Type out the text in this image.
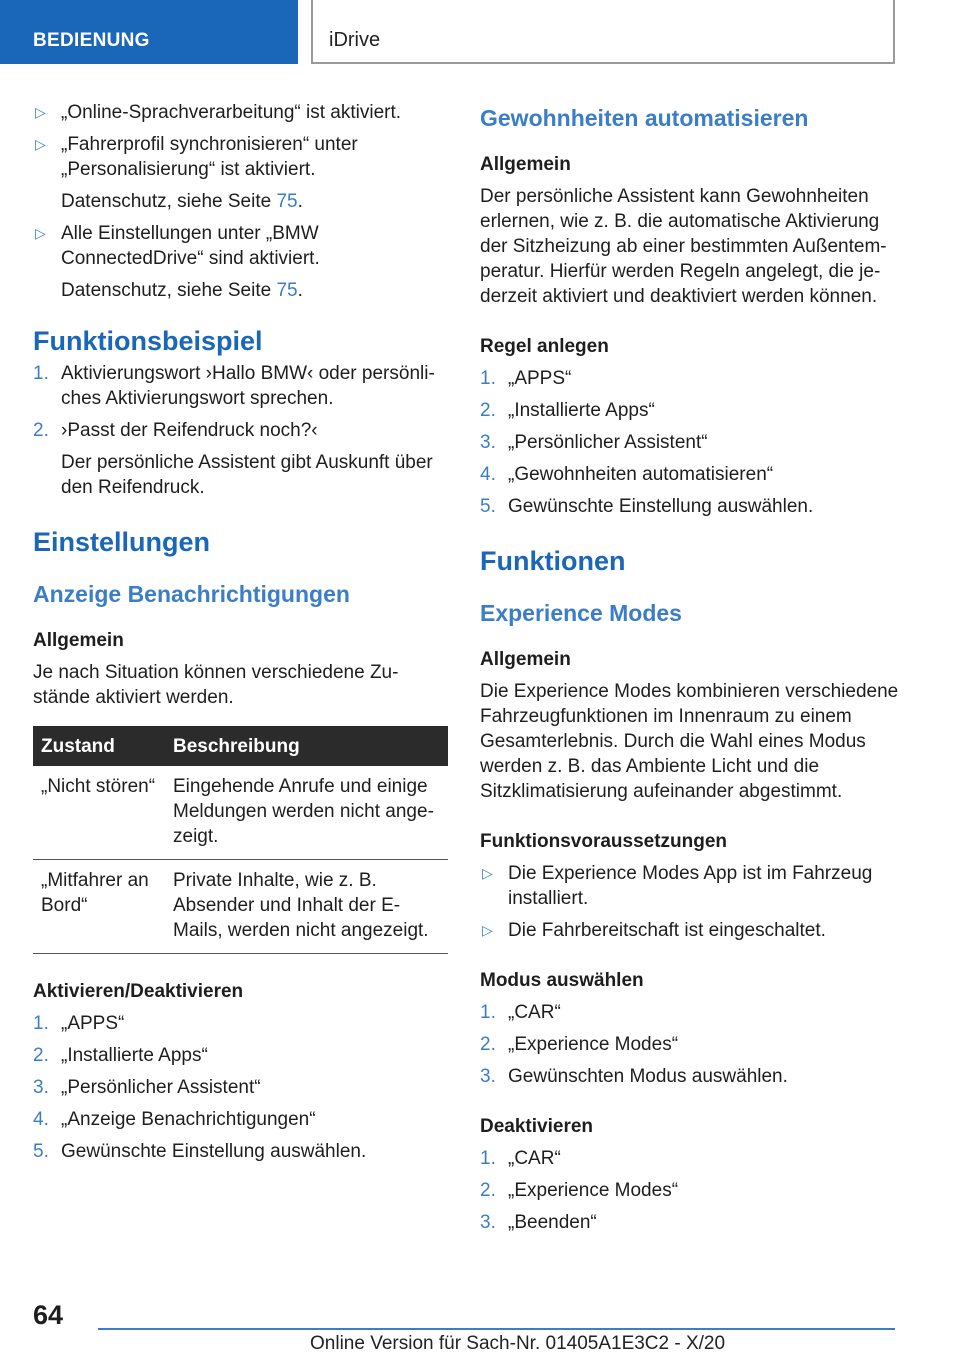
BEDIENUNG	iDrive
▷ „Online-Sprachverarbeitung“ ist aktiviert.
▷ „Fahrerprofil synchronisieren“ unter „Personalisierung“ ist aktiviert.
Datenschutz, siehe Seite 75.
▷ Alle Einstellungen unter „BMW ConnectedDrive“ sind aktiviert.
Datenschutz, siehe Seite 75.
Funktionsbeispiel
1. Aktivierungswort ›Hallo BMW‹ oder persönliches Aktivierungswort sprechen.
2. ›Passt der Reifendruck noch?‹
Der persönliche Assistent gibt Auskunft über den Reifendruck.
Einstellungen
Anzeige Benachrichtigungen
Allgemein

Je nach Situation können verschiedene Zustände aktiviert werden.

Zustand	Beschreibung
„Nicht stören“	Eingehende Anrufe und einige Meldungen werden nicht angezeigt.
„Mitfahrer an Bord“	Private Inhalte, wie z. B. Absender und Inhalt der E-Mails, werden nicht angezeigt.
Aktivieren/Deaktivieren
1. „APPS“
2. „Installierte Apps“
3. „Persönlicher Assistent“
4. „Anzeige Benachrichtigungen“
5. Gewünschte Einstellung auswählen.
Gewohnheiten automatisieren
Allgemein

Der persönliche Assistent kann Gewohnheiten erlernen, wie z. B. die automatische Aktivierung der Sitzheizung ab einer bestimmten Außentemperatur. Hierfür werden Regeln angelegt, die jederzeit aktiviert und deaktiviert werden können.

Regel anlegen
1. „APPS“
2. „Installierte Apps“
3. „Persönlicher Assistent“
4. „Gewohnheiten automatisieren“
5. Gewünschte Einstellung auswählen.
Funktionen
Experience Modes
Allgemein

Die Experience Modes kombinieren verschiedene Fahrzeugfunktionen im Innenraum zu einem Gesamterlebnis. Durch die Wahl eines Modus werden z. B. das Ambiente Licht und die Sitzklimatisierung aufeinander abgestimmt.

Funktionsvoraussetzungen
▷ Die Experience Modes App ist im Fahrzeug installiert.
▷ Die Fahrbereitschaft ist eingeschaltet.
Modus auswählen
1. „CAR“
2. „Experience Modes“
3. Gewünschten Modus auswählen.
Deaktivieren
1. „CAR“
2. „Experience Modes“
3. „Beenden“
64
Online Version für Sach-Nr. 01405A1E3C2 - X/20
